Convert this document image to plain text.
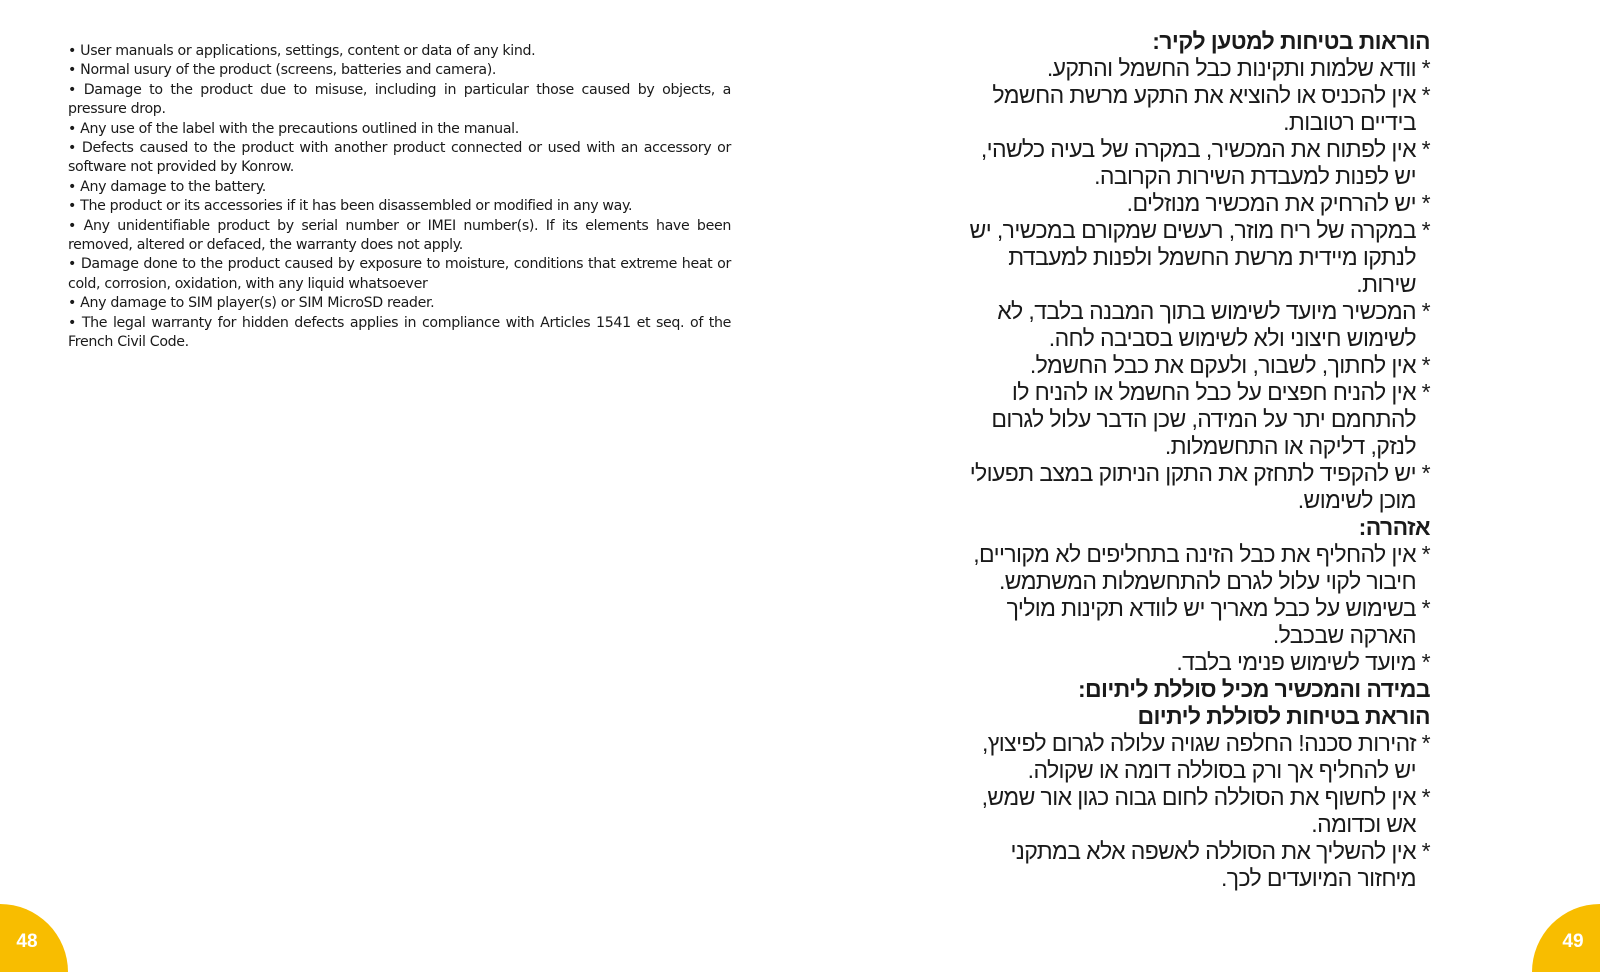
• User manuals or applications, settings, content or data of any kind.

• Normal usury of the product (screens, batteries and camera).

• Damage to the product due to misuse, including in particular those caused by objects, a pressure drop.

• Any use of the label with the precautions outlined in the manual.

• Defects caused to the product with another product connected or used with an accessory or software not provided by Konrow.

• Any damage to the battery.

• The product or its accessories if it has been disassembled or modified in any way.

• Any unidentifiable product by serial number or IMEI number(s). If its elements have been removed, altered or defaced, the warranty does not apply.

• Damage done to the product caused by exposure to moisture, conditions that extreme heat or cold, corrosion, oxidation, with any liquid whatsoever

• Any damage to SIM player(s) or SIM MicroSD reader.

• The legal warranty for hidden defects applies in compliance with Articles 1541 et seq. of the French Civil Code.

הוראות בטיחות למטען לקיר:
*וודא שלמות ותקינות כבל החשמל והתקע.
*אין להכניס או להוציא את התקע מרשת החשמל בידיים רטובות.
*אין לפתוח את המכשיר, במקרה של בעיה כלשהי, יש לפנות למעבדת השירות הקרובה.
*יש להרחיק את המכשיר מנוזלים.
*במקרה של ריח מוזר, רעשים שמקורם במכשיר, יש לנתקו מיידית מרשת החשמל ולפנות למעבדת שירות.
*המכשיר מיועד לשימוש בתוך המבנה בלבד, לא לשימוש חיצוני ולא לשימוש בסביבה לחה.
*אין לחתוך, לשבור, ולעקם את כבל החשמל.
*אין להניח חפצים על כבל החשמל או להניח לו להתחמם יתר על המידה, שכן הדבר עלול לגרום לנזק, דליקה או התחשמלות.
*יש להקפיד לתחזק את התקן הניתוק במצב תפעולי מוכן לשימוש.
אזהרה:
*אין להחליף את כבל הזינה בתחליפים לא מקוריים, חיבור לקוי עלול לגרם להתחשמלות המשתמש.
*בשימוש על כבל מאריך יש לוודא תקינות מוליך הארקה שבכבל.
*מיועד לשימוש פנימי בלבד.
במידה והמכשיר מכיל סוללת ליתיום:
הוראת בטיחות לסוללת ליתיום
*זהירות סכנה! החלפה שגויה עלולה לגרום לפיצוץ, יש להחליף אך ורק בסוללה דומה או שקולה.
*אין לחשוף את הסוללה לחום גבוה כגון אור שמש, אש וכדומה.
*אין להשליך את הסוללה לאשפה אלא במתקני מיחזור המיועדים לכך.
48	49
